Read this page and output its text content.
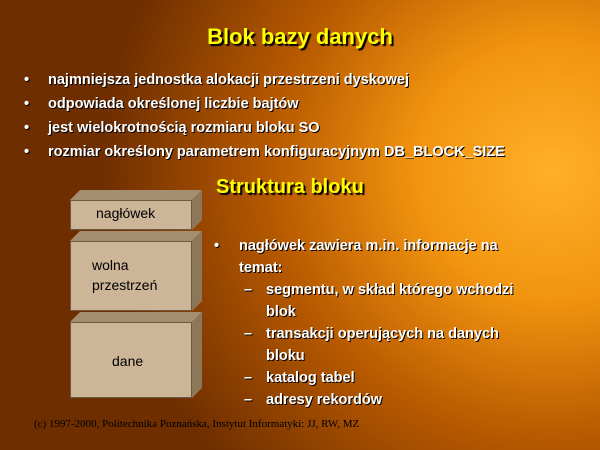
Blok bazy danych
• najmniejsza jednostka alokacji przestrzeni dyskowej
• odpowiada określonej liczbie bajtów
• jest wielokrotnością rozmiaru bloku SO
• rozmiar określony parametrem konfiguracyjnym DB_BLOCK_SIZE
nagłówek
wolna
przestrzeń
dane
Struktura bloku
• nagłówek zawiera m.in. informacje na
temat:
– segmentu, w skład którego wchodzi
blok
– transakcji operujących na danych
bloku
– katalog tabel
– adresy rekordów
(c) 1997-2000, Politechnika Poznańska, Instytut Informatyki: JJ, RW, MZ
